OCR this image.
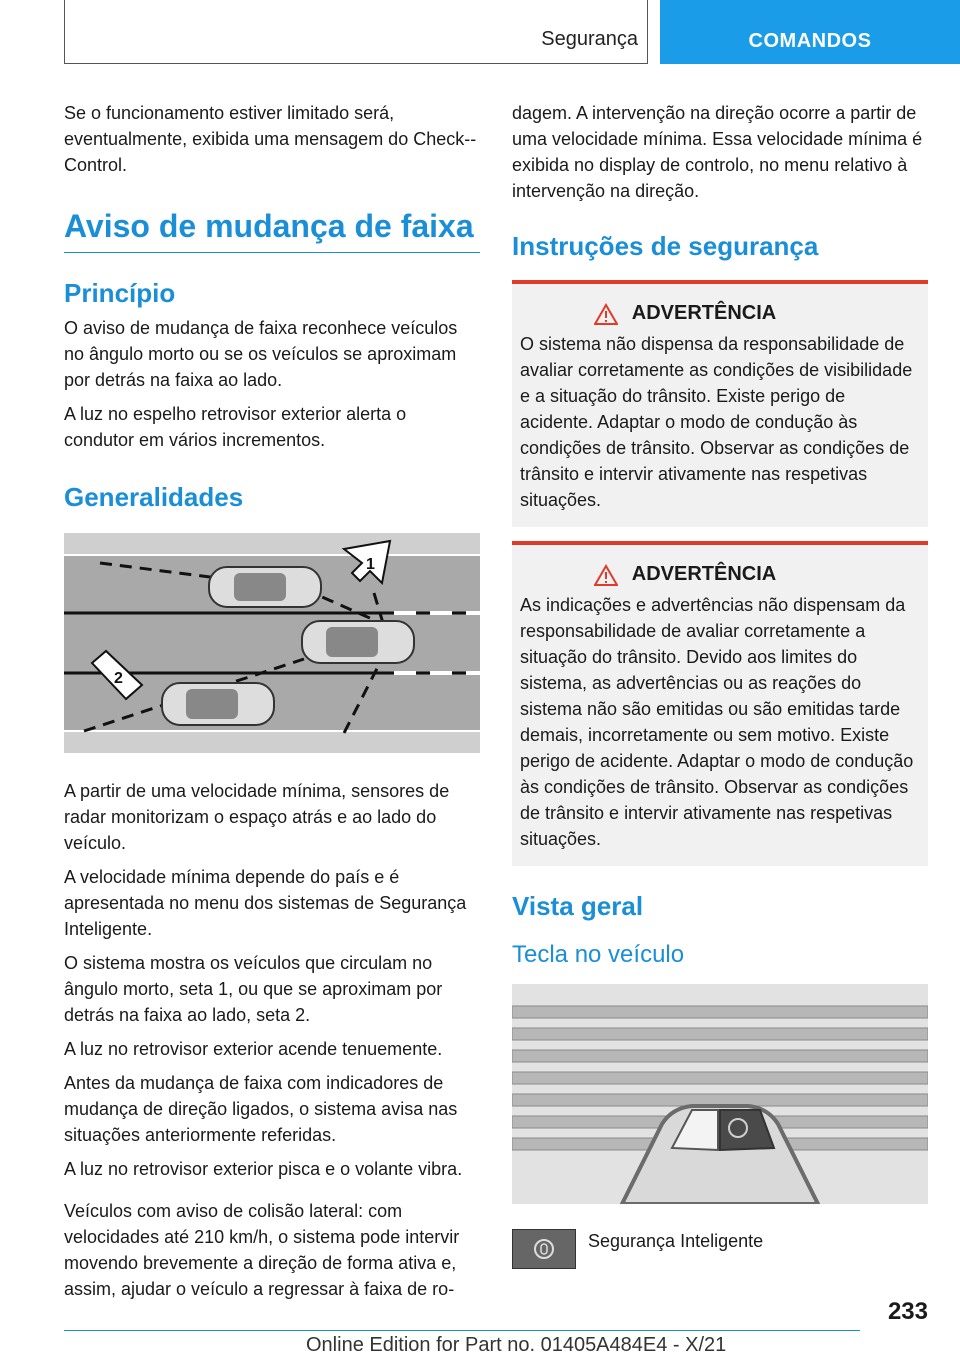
Segurança	COMANDOS

Se o funcionamento estiver limitado será, eventualmente, exibida uma mensagem do Check--Control.

Aviso de mudança de faixa
Princípio

O aviso de mudança de faixa reconhece veículos no ângulo morto ou se os veículos se aproximam por detrás na faixa ao lado.

A luz no espelho retrovisor exterior alerta o condutor em vários incrementos.

Generalidades
1
2

A partir de uma velocidade mínima, sensores de radar monitorizam o espaço atrás e ao lado do veículo.

A velocidade mínima depende do país e é apresentada no menu dos sistemas de Segurança Inteligente.

O sistema mostra os veículos que circulam no ângulo morto, seta 1, ou que se aproximam por detrás na faixa ao lado, seta 2.

A luz no retrovisor exterior acende tenuemente.

Antes da mudança de faixa com indicadores de mudança de direção ligados, o sistema avisa nas situações anteriormente referidas.

A luz no retrovisor exterior pisca e o volante vibra.

Veículos com aviso de colisão lateral: com velocidades até 210 km/h, o sistema pode intervir movendo brevemente a direção de forma ativa e, assim, ajudar o veículo a regressar à faixa de ro-

dagem. A intervenção na direção ocorre a partir de uma velocidade mínima. Essa velocidade mínima é exibida no display de controlo, no menu relativo à intervenção na direção.

Instruções de segurança
ADVERTÊNCIA

O sistema não dispensa da responsabilidade de avaliar corretamente as condições de visibilidade e a situação do trânsito. Existe perigo de acidente. Adaptar o modo de condução às condições de trânsito. Observar as condições de trânsito e intervir ativamente nas respetivas situações.

ADVERTÊNCIA

As indicações e advertências não dispensam da responsabilidade de avaliar corretamente a situação do trânsito. Devido aos limites do sistema, as advertências ou as reações do sistema não são emitidas ou são emitidas tarde demais, incorretamente ou sem motivo. Existe perigo de acidente. Adaptar o modo de condução às condições de trânsito. Observar as condições de trânsito e intervir ativamente nas respetivas situações.

Vista geral
Tecla no veículo
Segurança Inteligente
233
Online Edition for Part no. 01405A484E4 - X/21
